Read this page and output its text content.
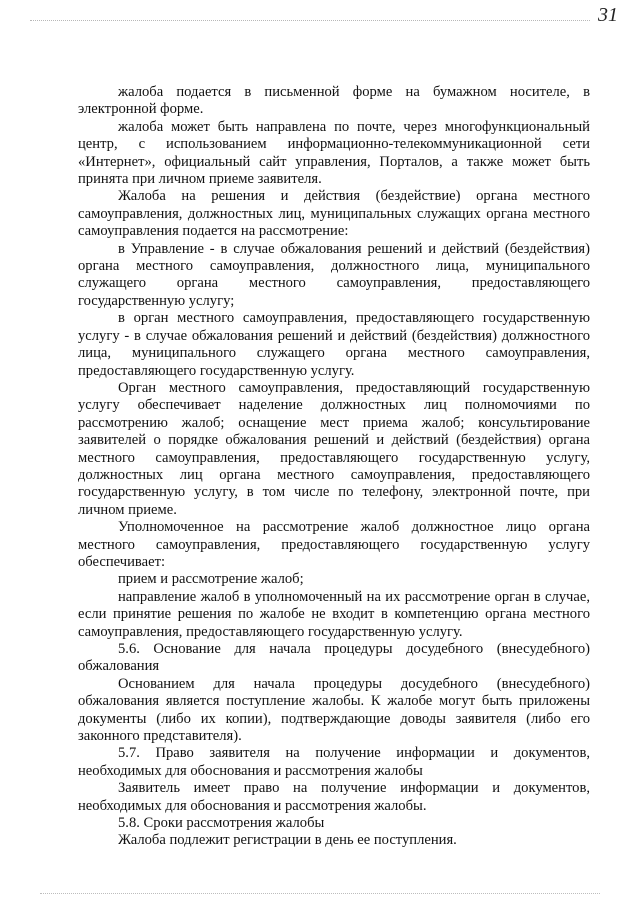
31

жалоба подается в письменной форме на бумажном носителе, в электронной форме.

жалоба может быть направлена по почте, через многофункциональный центр, с использованием информационно-телекоммуникационной сети «Интернет», официальный сайт управления, Порталов, а также может быть принята при личном приеме заявителя.

Жалоба на решения и действия (бездействие) органа местного самоуправления, должностных лиц, муниципальных служащих органа местного самоуправления подается на рассмотрение:

в Управление - в случае обжалования решений и действий (бездействия) органа местного самоуправления, должностного лица, муниципального служащего органа местного самоуправления, предоставляющего государственную услугу;

в орган местного самоуправления, предоставляющего государственную услугу - в случае обжалования решений и действий (бездействия) должностного лица, муниципального служащего органа местного самоуправления, предоставляющего государственную услугу.

Орган местного самоуправления, предоставляющий государственную услугу обеспечивает наделение должностных лиц полномочиями по рассмотрению жалоб; оснащение мест приема жалоб; консультирование заявителей о порядке обжалования решений и действий (бездействия) органа местного самоуправления, предоставляющего государственную услугу, должностных лиц органа местного самоуправления, предоставляющего государственную услугу, в том числе по телефону, электронной почте, при личном приеме.

Уполномоченное на рассмотрение жалоб должностное лицо органа местного самоуправления, предоставляющего государственную услугу обеспечивает:

прием и рассмотрение жалоб;

направление жалоб в уполномоченный на их рассмотрение орган в случае, если принятие решения по жалобе не входит в компетенцию органа местного самоуправления, предоставляющего государственную услугу.

5.6. Основание для начала процедуры досудебного (внесудебного) обжалования

Основанием для начала процедуры досудебного (внесудебного) обжалования является поступление жалобы. К жалобе могут быть приложены документы (либо их копии), подтверждающие доводы заявителя (либо его законного представителя).

5.7. Право заявителя на получение информации и документов, необходимых для обоснования и рассмотрения жалобы

Заявитель имеет право на получение информации и документов, необходимых для обоснования и рассмотрения жалобы.

5.8. Сроки рассмотрения жалобы

Жалоба подлежит регистрации в день ее поступления.
